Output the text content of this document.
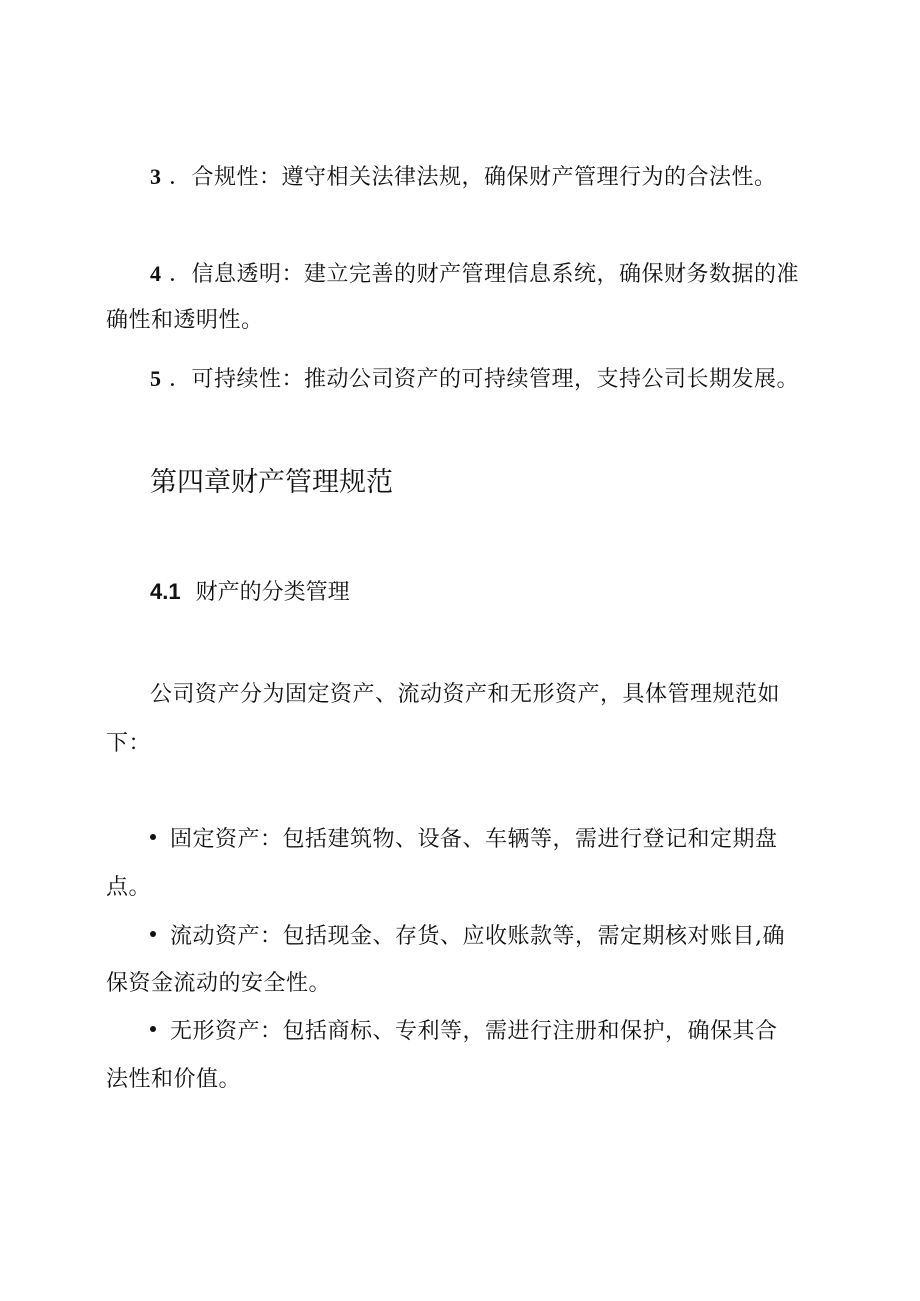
3 ．合规性：遵守相关法律法规，确保财产管理行为的合法性。
4 ．信息透明：建立完善的财产管理信息系统，确保财务数据的准
确性和透明性。
5 ．可持续性：推动公司资产的可持续管理，支持公司长期发展。
第四章财产管理规范
4.1 财产的分类管理
公司资产分为固定资产、流动资产和无形资产，具体管理规范如
下：
固定资产：包括建筑物、设备、车辆等，需进行登记和定期盘
点。
流动资产：包括现金、存货、应收账款等，需定期核对账目,确
保资金流动的安全性。
无形资产：包括商标、专利等，需进行注册和保护，确保其合
法性和价值。
